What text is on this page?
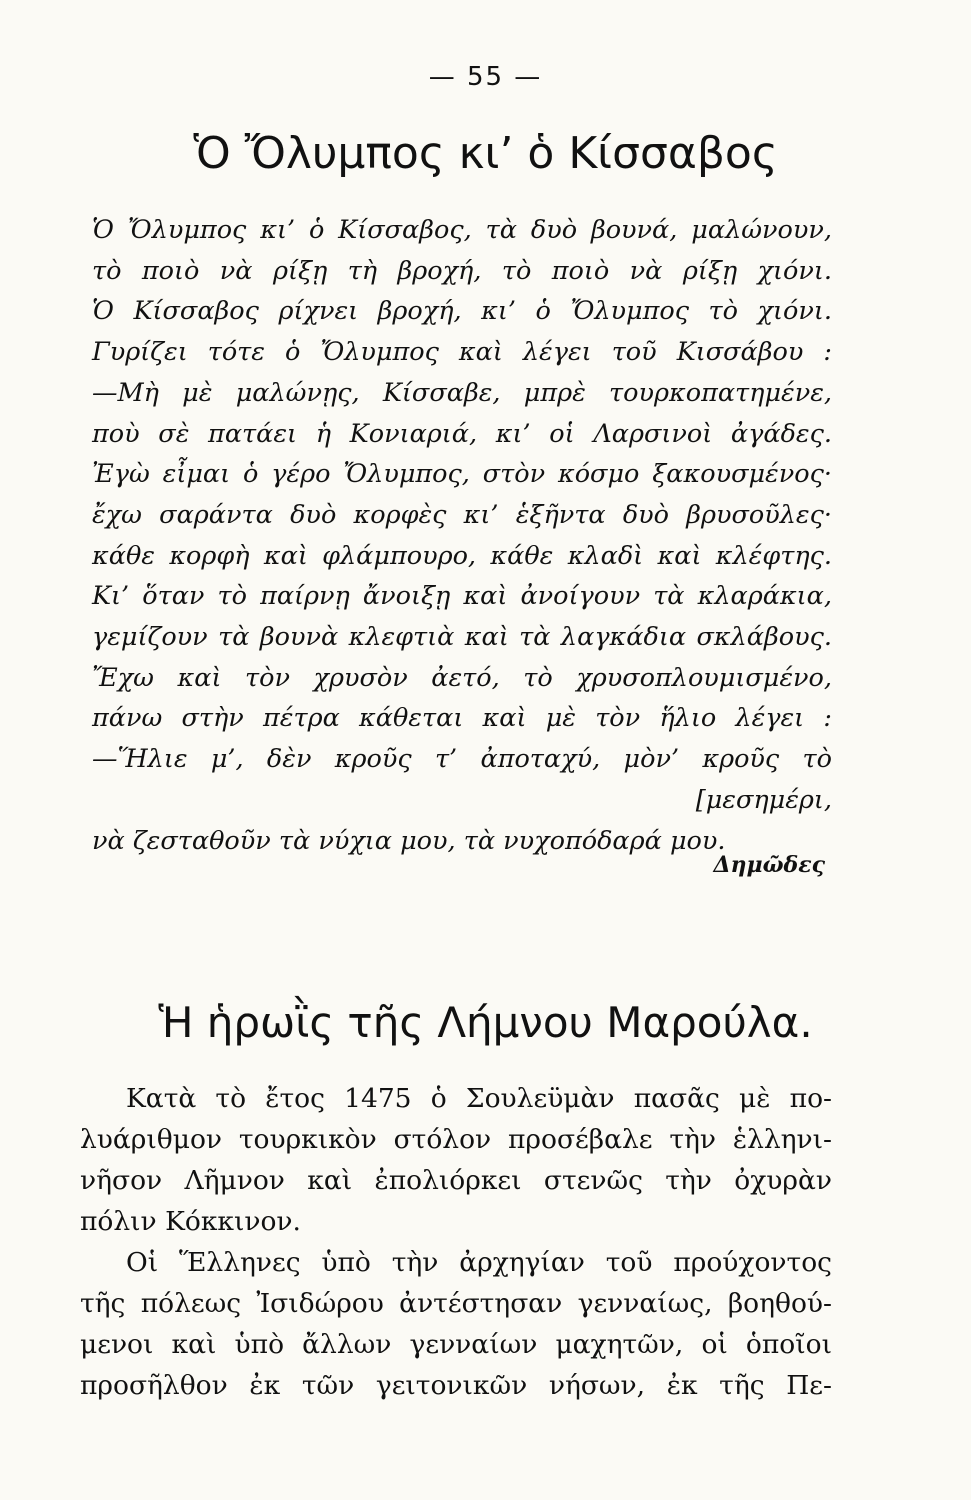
— 55 —
Ὁ Ὄλυμπος κι’ ὁ Κίσσαβος
Ὁ Ὄλυμπος κι’ ὁ Κίσσαβος, τὰ δυὸ βουνά, μαλώνουν,
τὸ ποιὸ νὰ ρίξῃ τὴ βροχή, τὸ ποιὸ νὰ ρίξῃ χιόνι.
Ὁ Κίσσαβος ρίχνει βροχή, κι’ ὁ Ὄλυμπος τὸ χιόνι.
Γυρίζει τότε ὁ Ὄλυμπος καὶ λέγει τοῦ Κισσάβου :
—Μὴ μὲ μαλώνῃς, Κίσσαβε, μπρὲ τουρκοπατημένε,
ποὺ σὲ πατάει ἡ Κονιαριά, κι’ οἱ Λαρσινοὶ ἀγάδες.
Ἐγὼ εἶμαι ὁ γέρο Ὄλυμπος, στὸν κόσμο ξακουσμένος·
ἔχω σαράντα δυὸ κορφὲς κι’ ἑξῆντα δυὸ βρυσοῦλες·
κάθε κορφὴ καὶ φλάμπουρο, κάθε κλαδὶ καὶ κλέφτης.
Κι’ ὅταν τὸ παίρνῃ ἄνοιξῃ καὶ ἀνοίγουν τὰ κλαράκια,
γεμίζουν τὰ βουνὰ κλεφτιὰ καὶ τὰ λαγκάδια σκλάβους.
Ἔχω καὶ τὸν χρυσὸν ἀετό, τὸ χρυσοπλουμισμένο,
πάνω στὴν πέτρα κάθεται καὶ μὲ τὸν ἥλιο λέγει :
—Ἥλιε μ’, δὲν κροῦς τ’ ἀποταχύ, μὸν’ κροῦς τὸ
[μεσημέρι,
νὰ ζεσταθοῦν τὰ νύχια μου, τὰ νυχοπόδαρά μου.
Δημῶδες
Ἡ ἡρωῒς τῆς Λήμνου Μαρούλα.

Κατὰ τὸ ἔτος 1475 ὁ Σουλεϋμὰν πασᾶς μὲ πο-
λυάριθμον τουρκικὸν στόλον προσέβαλε τὴν ἑλληνι-
νῆσον Λῆμνον καὶ ἐπολιόρκει στενῶς τὴν ὀχυρὰν
πόλιν Κόκκινον.

Οἱ Ἕλληνες ὑπὸ τὴν ἀρχηγίαν τοῦ προύχοντος
τῆς πόλεως Ἰσιδώρου ἀντέστησαν γενναίως, βοηθού-
μενοι καὶ ὑπὸ ἄλλων γενναίων μαχητῶν, οἱ ὁποῖοι
προσῆλθον ἐκ τῶν γειτονικῶν νήσων, ἐκ τῆς Πε-
